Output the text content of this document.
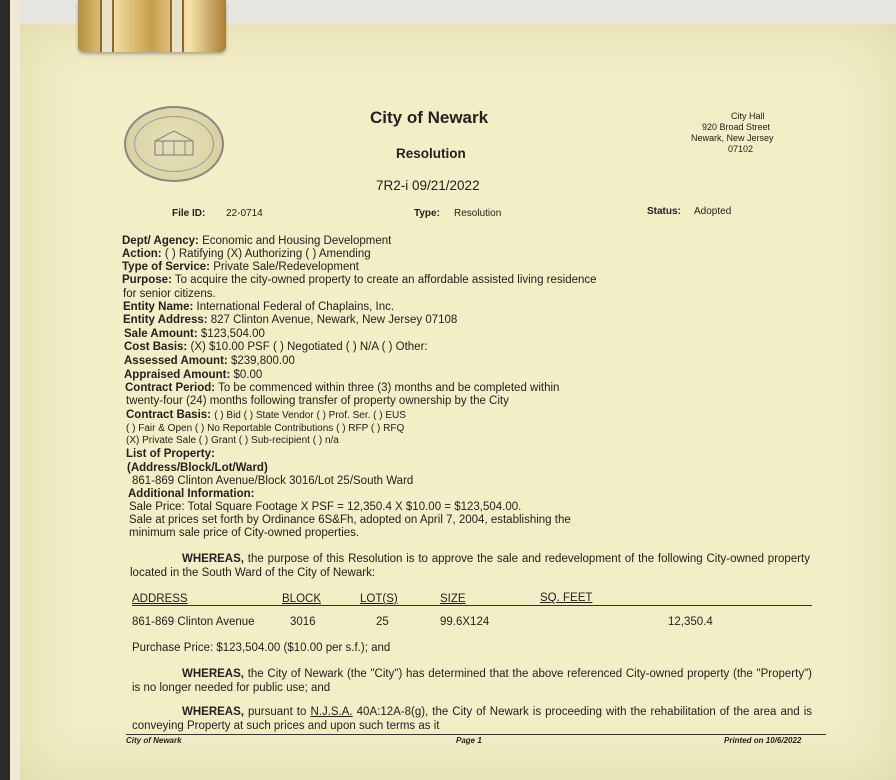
City of Newark
Resolution
City Hall
920 Broad Street
Newark, New Jersey
07102
7R2-i 09/21/2022
File ID: 22-0714	Type: Resolution	Status: Adopted
Dept/ Agency: Economic and Housing Development
Action: ( ) Ratifying (X) Authorizing ( ) Amending
Type of Service: Private Sale/Redevelopment
Purpose: To acquire the city-owned property to create an affordable assisted living residence
for senior citizens.
Entity Name: International Federal of Chaplains, Inc.
Entity Address: 827 Clinton Avenue, Newark, New Jersey 07108
Sale Amount: $123,504.00
Cost Basis: (X) $10.00 PSF ( ) Negotiated ( ) N/A ( ) Other:
Assessed Amount: $239,800.00
Appraised Amount: $0.00
Contract Period: To be commenced within three (3) months and be completed within
twenty-four (24) months following transfer of property ownership by the City
Contract Basis: ( ) Bid ( ) State Vendor ( ) Prof. Ser. ( ) EUS
( ) Fair & Open ( ) No Reportable Contributions ( ) RFP ( ) RFQ
(X) Private Sale ( ) Grant ( ) Sub-recipient ( ) n/a
List of Property:
(Address/Block/Lot/Ward)
861-869 Clinton Avenue/Block 3016/Lot 25/South Ward
Additional Information:
Sale Price: Total Square Footage X PSF = 12,350.4 X $10.00 = $123,504.00.
Sale at prices set forth by Ordinance 6S&Fh, adopted on April 7, 2004, establishing the
minimum sale price of City-owned properties.
WHEREAS, the purpose of this Resolution is to approve the sale and redevelopment of the following City-owned property located in the South Ward of the City of Newark:
ADDRESS	BLOCK	LOT(S)	SIZE	SQ. FEET
861-869 Clinton Avenue	3016	25	99.6X124	12,350.4
Purchase Price: $123,504.00 ($10.00 per s.f.); and
WHEREAS, the City of Newark (the "City") has determined that the above referenced City-owned property (the "Property") is no longer needed for public use; and
WHEREAS, pursuant to N.J.S.A. 40A:12A-8(g), the City of Newark is proceeding with the rehabilitation of the area and is conveying Property at such prices and upon such terms as it
City of Newark	Page 1	Printed on 10/6/2022
